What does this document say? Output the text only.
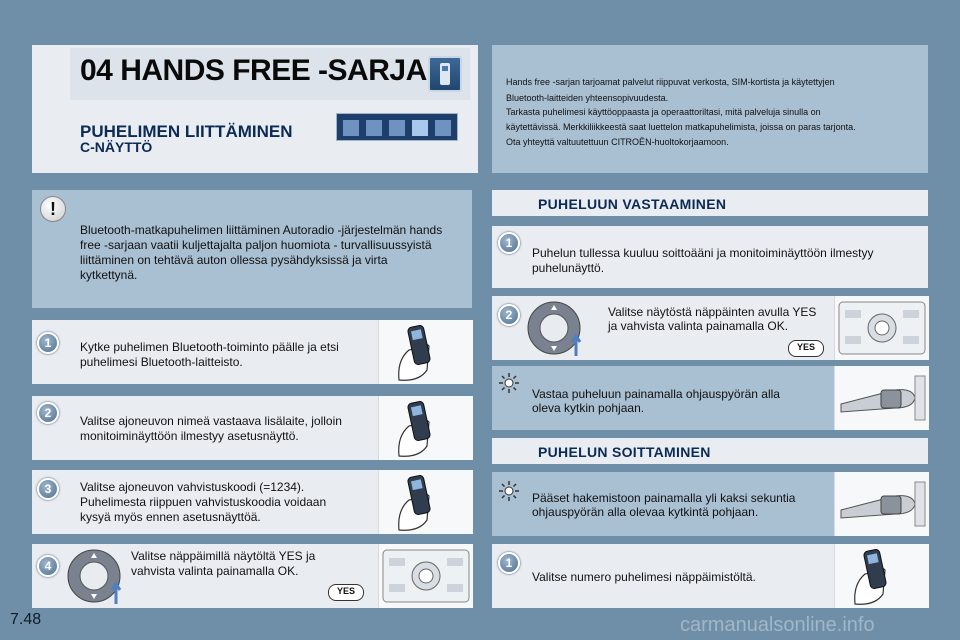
04 HANDS FREE -SARJA
PUHELIMEN LIITTÄMINEN
C-NÄYTTÖ
Hands free -sarjan tarjoamat palvelut riippuvat verkosta, SIM-kortista ja käytettyjen
Bluetooth-laitteiden yhteensopivuudesta.
Tarkasta puhelimesi käyttöoppaasta ja operaattoriltasi, mitä palveluja sinulla on
käytettävissä. Merkkiliikkeestä saat luettelon matkapuhelimista, joissa on paras tarjonta.
Ota yhteyttä valtuutettuun CITROËN-huoltokorjaamoon.
!
Bluetooth-matkapuhelimen liittäminen Autoradio -järjestelmän hands
free -sarjaan vaatii kuljettajalta paljon huomiota - turvallisuussyistä
liittäminen on tehtävä auton ollessa pysähdyksissä ja virta
kytkettynä.
1	Kytke puhelimen Bluetooth-toiminto päälle ja etsi
puhelimesi Bluetooth-laitteisto.
2
Valitse ajoneuvon nimeä vastaava lisälaite, jolloin
monitoiminäyttöön ilmestyy asetusnäyttö.
3	Valitse ajoneuvon vahvistuskoodi (=1234).
Puhelimesta riippuen vahvistuskoodia voidaan
kysyä myös ennen asetusnäyttöä.
4
Valitse näppäimillä näytöltä YES ja
vahvista valinta painamalla OK.
YES
PUHELUUN VASTAAMINEN
1
Puhelun tullessa kuuluu soittoääni ja monitoiminäyttöön ilmestyy
puhelunäyttö.
2	Valitse näytöstä näppäinten avulla YES
ja vahvista valinta painamalla OK.
YES
Vastaa puheluun painamalla ohjauspyörän alla
oleva kytkin pohjaan.
PUHELUN SOITTAMINEN
Pääset hakemistoon painamalla yli kaksi sekuntia
ohjauspyörän alla olevaa kytkintä pohjaan.
1
Valitse numero puhelimesi näppäimistöltä.
7.48	carmanualsonline.info
